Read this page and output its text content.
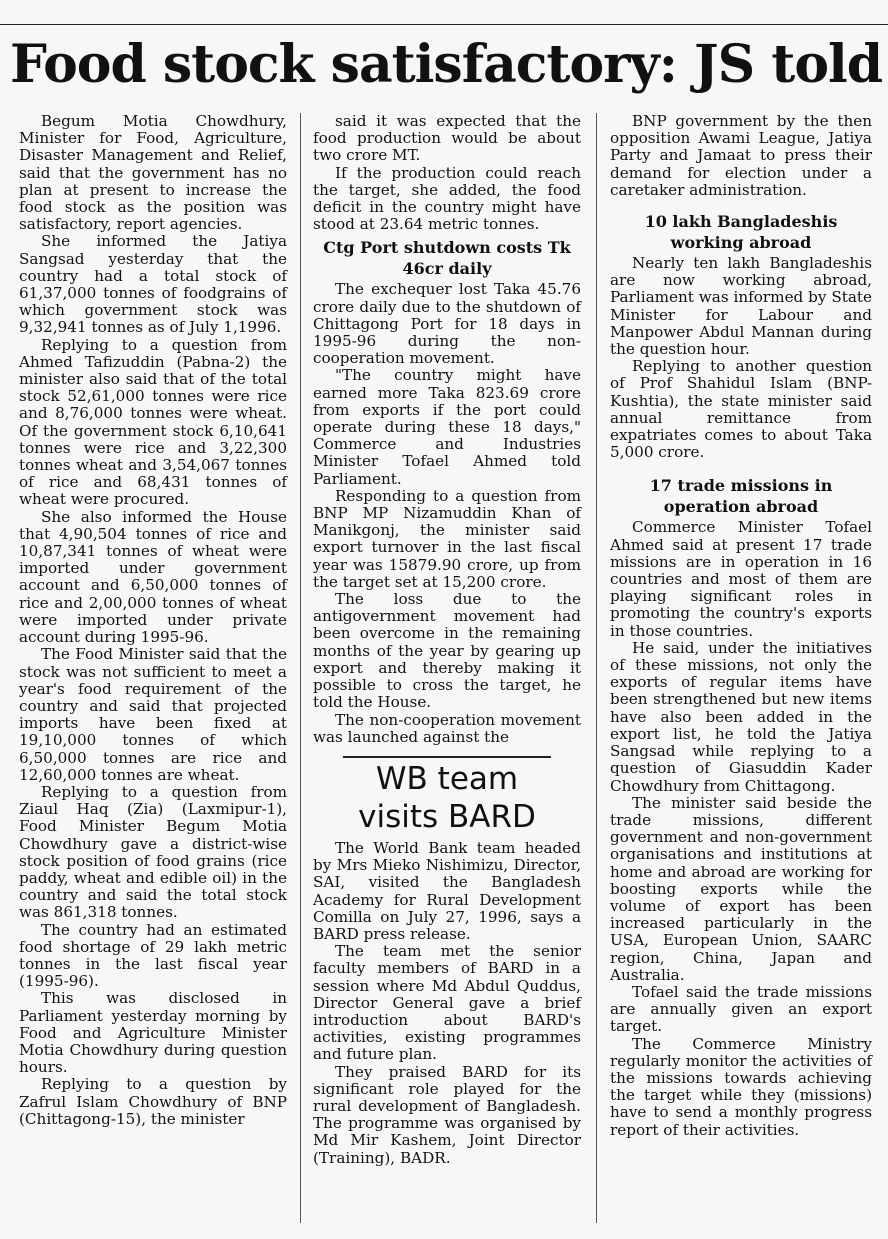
Food stock satisfactory: JS told

Begum Motia Chowdhury, Minister for Food, Agriculture, Disaster Management and Relief, said that the government has no plan at present to increase the food stock as the position was satisfactory, report agencies.

She informed the Jatiya Sangsad yesterday that the country had a total stock of 61,37,000 tonnes of foodgrains of which government stock was 9,32,941 tonnes as of July 1,1996.

Replying to a question from Ahmed Tafizuddin (Pabna-2) the minister also said that of the total stock 52,61,000 tonnes were rice and 8,76,000 tonnes were wheat. Of the government stock 6,10,641 tonnes were rice and 3,22,300 tonnes wheat and 3,54,067 tonnes of rice and 68,431 tonnes of wheat were procured.

She also informed the House that 4,90,504 tonnes of rice and 10,87,341 tonnes of wheat were imported under government account and 6,50,000 tonnes of rice and 2,00,000 tonnes of wheat were imported under private account during 1995-96.

The Food Minister said that the stock was not sufficient to meet a year's food requirement of the country and said that projected imports have been fixed at 19,10,000 tonnes of which 6,50,000 tonnes are rice and 12,60,000 tonnes are wheat.

Replying to a question from Ziaul Haq (Zia) (Laxmipur-1), Food Minister Begum Motia Chowdhury gave a district-wise stock position of food grains (rice paddy, wheat and edible oil) in the country and said the total stock was 861,318 tonnes.

The country had an estimated food shortage of 29 lakh metric tonnes in the last fiscal year (1995-96).

This was disclosed in Parliament yesterday morning by Food and Agriculture Minister Motia Chowdhury during question hours.

Replying to a question by Zafrul Islam Chowdhury of BNP (Chittagong-15), the minister

said it was expected that the food production would be about two crore MT.

If the production could reach the target, she added, the food deficit in the country might have stood at 23.64 metric tonnes.

Ctg Port shutdown costs Tk 46cr daily

The exchequer lost Taka 45.76 crore daily due to the shutdown of Chittagong Port for 18 days in 1995-96 during the non-cooperation movement.

"The country might have earned more Taka 823.69 crore from exports if the port could operate during these 18 days," Commerce and Industries Minister Tofael Ahmed told Parliament.

Responding to a question from BNP MP Nizamuddin Khan of Manikgonj, the minister said export turnover in the last fiscal year was 15879.90 crore, up from the target set at 15,200 crore.

The loss due to the antigovernment movement had been overcome in the remaining months of the year by gearing up export and thereby making it possible to cross the target, he told the House.

The non-cooperation movement was launched against the

WB team visits BARD

The World Bank team headed by Mrs Mieko Nishimizu, Director, SAI, visited the Bangladesh Academy for Rural Development Comilla on July 27, 1996, says a BARD press release.

The team met the senior faculty members of BARD in a session where Md Abdul Quddus, Director General gave a brief introduction about BARD's activities, existing programmes and future plan.

They praised BARD for its significant role played for the rural development of Bangladesh. The programme was organised by Md Mir Kashem, Joint Director (Training), BADR.

BNP government by the then opposition Awami League, Jatiya Party and Jamaat to press their demand for election under a caretaker administration.

10 lakh Bangladeshis working abroad

Nearly ten lakh Bangladeshis are now working abroad, Parliament was informed by State Minister for Labour and Manpower Abdul Mannan during the question hour.

Replying to another question of Prof Shahidul Islam (BNP-Kushtia), the state minister said annual remittance from expatriates comes to about Taka 5,000 crore.

17 trade missions in operation abroad

Commerce Minister Tofael Ahmed said at present 17 trade missions are in operation in 16 countries and most of them are playing significant roles in promoting the country's exports in those countries.

He said, under the initiatives of these missions, not only the exports of regular items have been strengthened but new items have also been added in the export list, he told the Jatiya Sangsad while replying to a question of Giasuddin Kader Chowdhury from Chittagong.

The minister said beside the trade missions, different government and non-government organisations and institutions at home and abroad are working for boosting exports while the volume of export has been increased particularly in the USA, European Union, SAARC region, China, Japan and Australia.

Tofael said the trade missions are annually given an export target.

The Commerce Ministry regularly monitor the activities of the missions towards achieving the target while they (missions) have to send a monthly progress report of their activities.
